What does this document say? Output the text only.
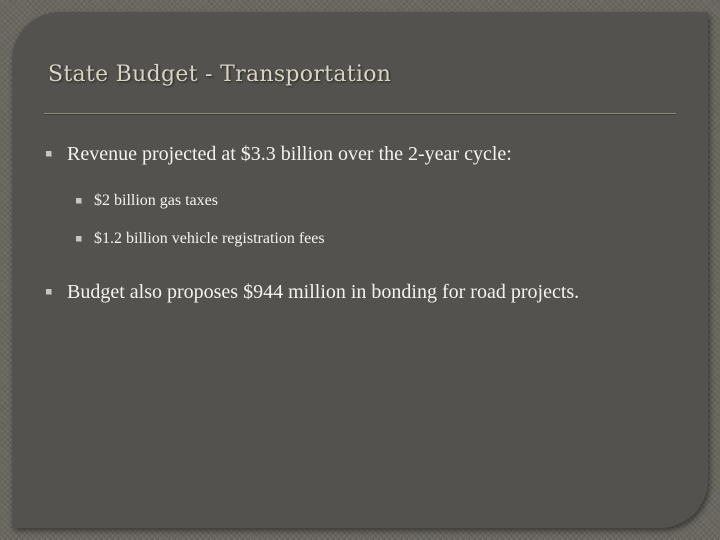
State Budget - Transportation
Revenue projected at $3.3 billion over the 2-year cycle:
$2 billion gas taxes
$1.2 billion vehicle registration fees
Budget also proposes $944 million in bonding for road projects.
